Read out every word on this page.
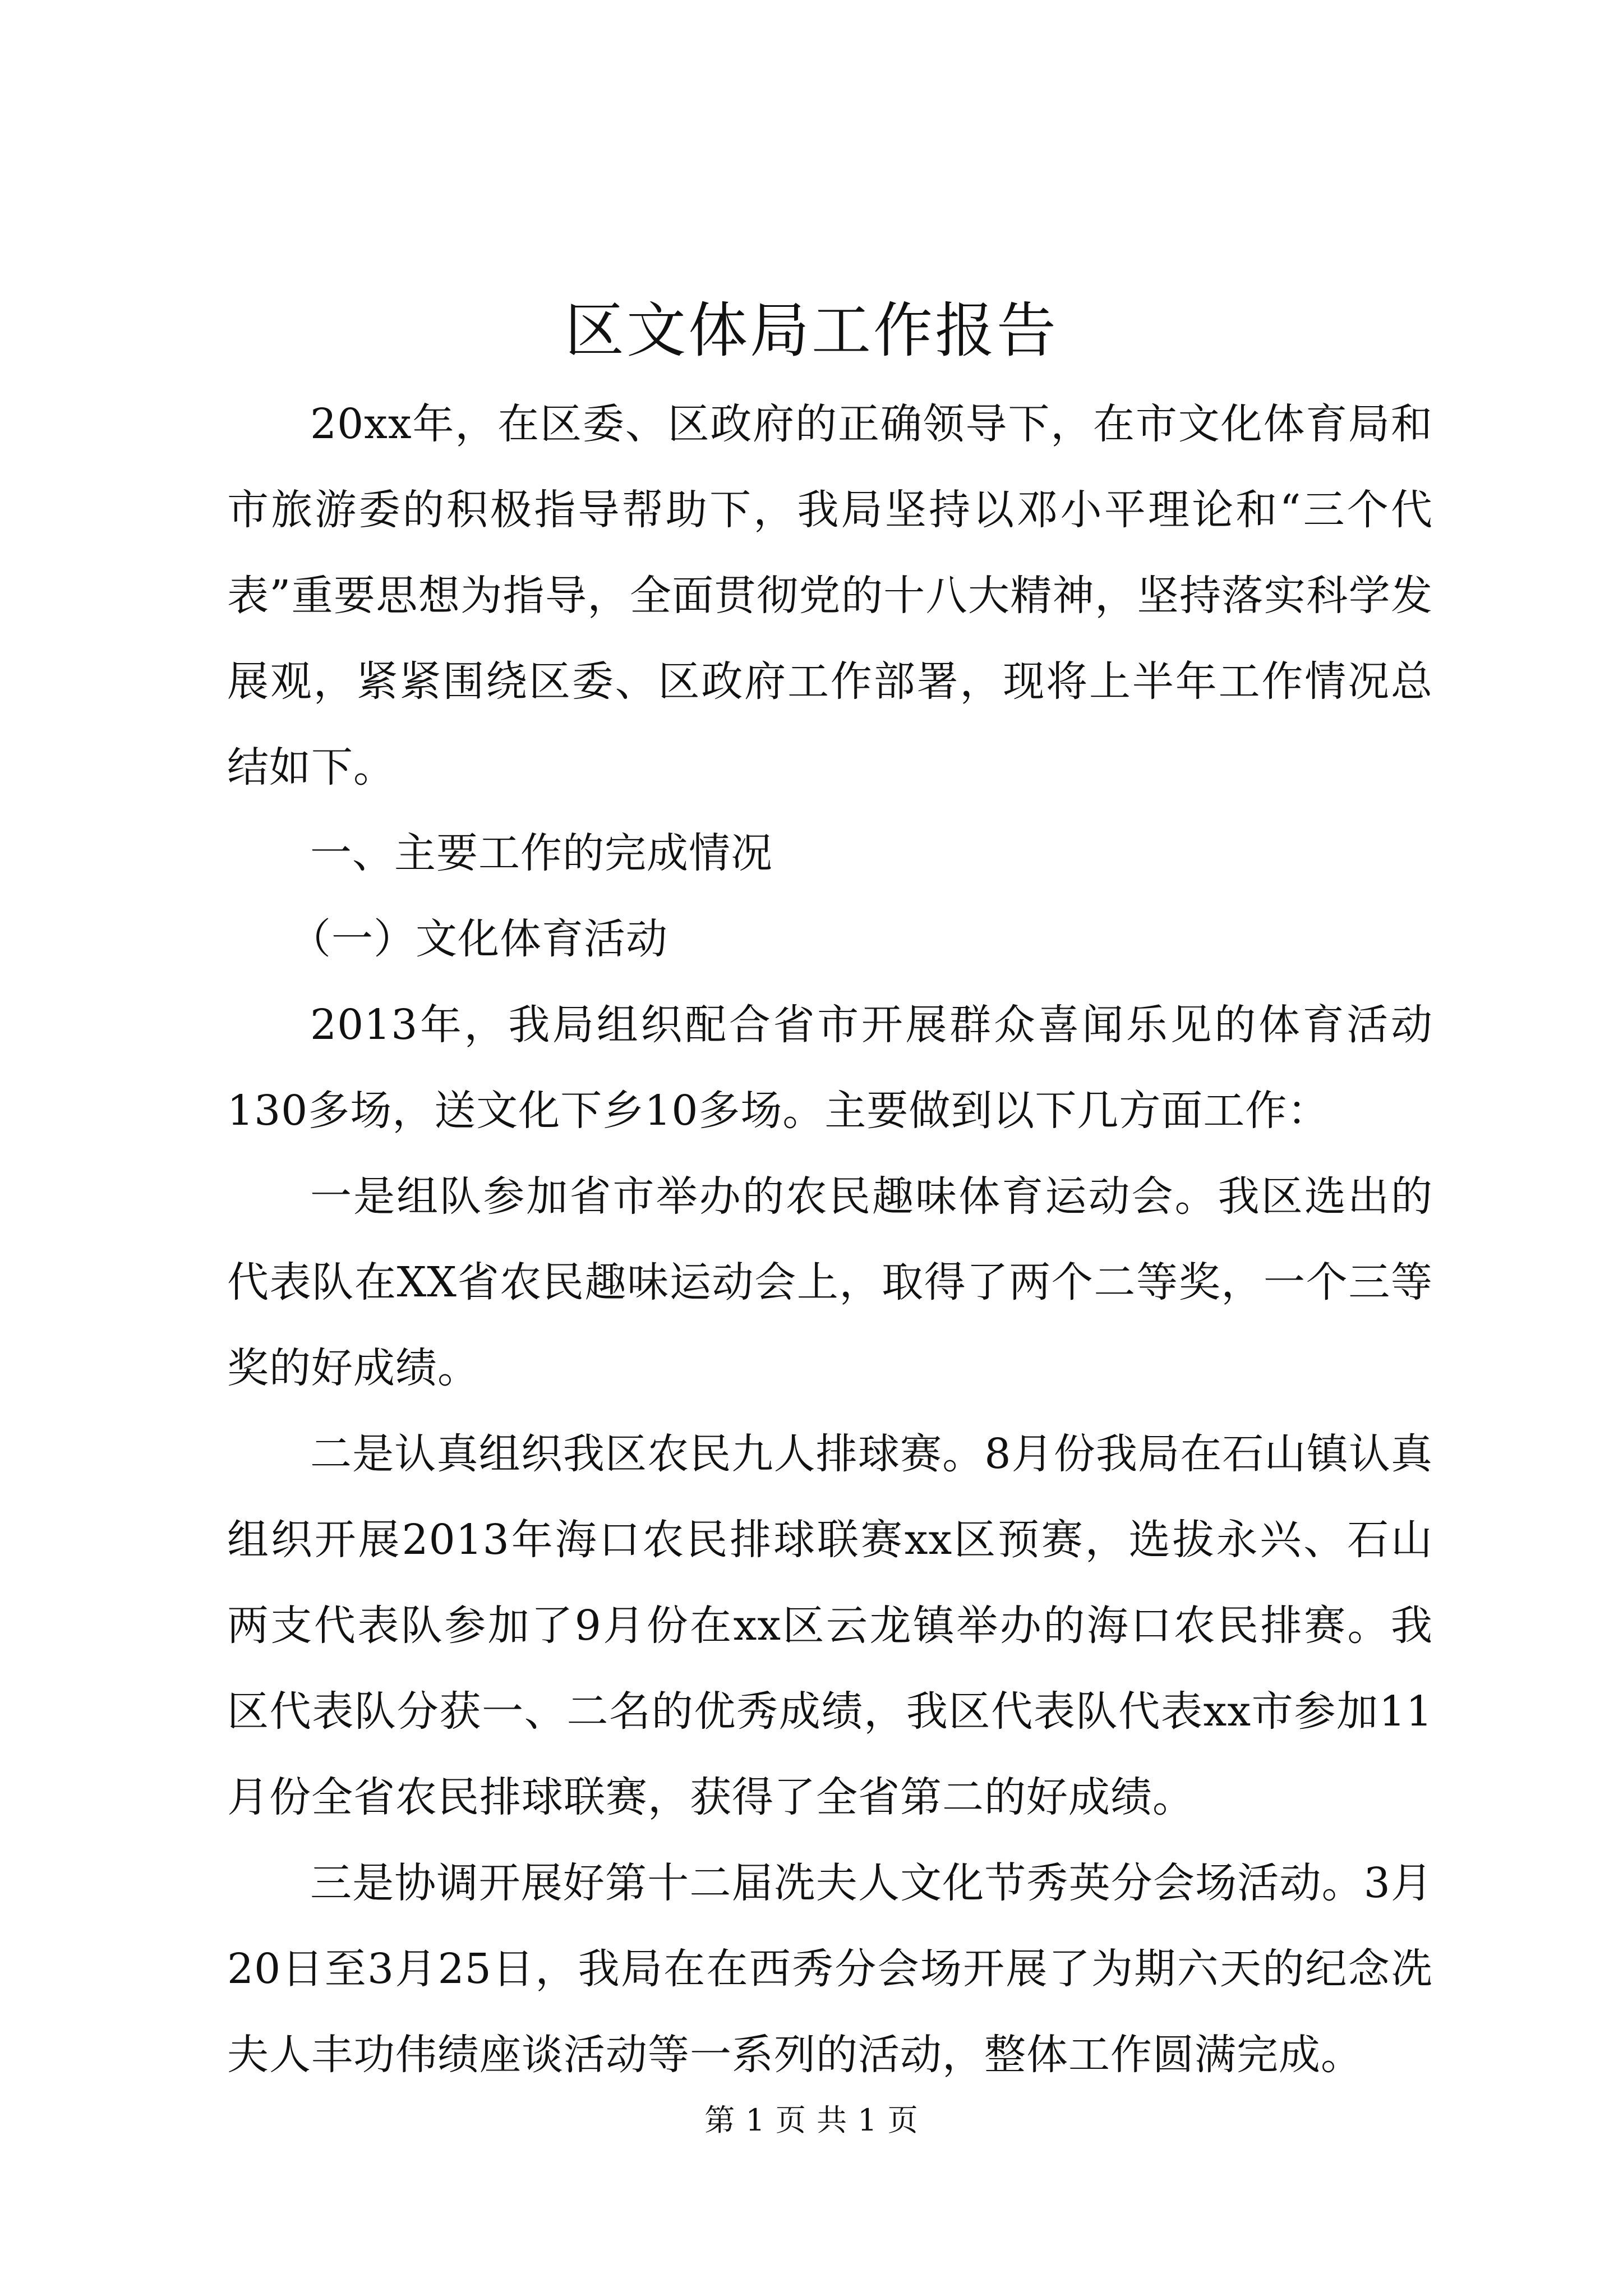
区文体局工作报告

20xx年，在区委、区政府的正确领导下，在市文化体育局和市旅游委的积极指导帮助下，我局坚持以邓小平理论和“三个代表”重要思想为指导，全面贯彻党的十八大精神，坚持落实科学发展观，紧紧围绕区委、区政府工作部署，现将上半年工作情况总结如下。

一、主要工作的完成情况

（一）文化体育活动

2013年，我局组织配合省市开展群众喜闻乐见的体育活动130多场，送文化下乡10多场。主要做到以下几方面工作：

一是组队参加省市举办的农民趣味体育运动会。我区选出的代表队在XX省农民趣味运动会上，取得了两个二等奖，一个三等奖的好成绩。

二是认真组织我区农民九人排球赛。8月份我局在石山镇认真组织开展2013年海口农民排球联赛xx区预赛，选拔永兴、石山两支代表队参加了9月份在xx区云龙镇举办的海口农民排赛。我区代表队分获一、二名的优秀成绩，我区代表队代表xx市参加11月份全省农民排球联赛，获得了全省第二的好成绩。

三是协调开展好第十二届冼夫人文化节秀英分会场活动。3月20日至3月25日，我局在在西秀分会场开展了为期六天的纪念冼夫人丰功伟绩座谈活动等一系列的活动，整体工作圆满完成。

第 1 页 共 1 页
